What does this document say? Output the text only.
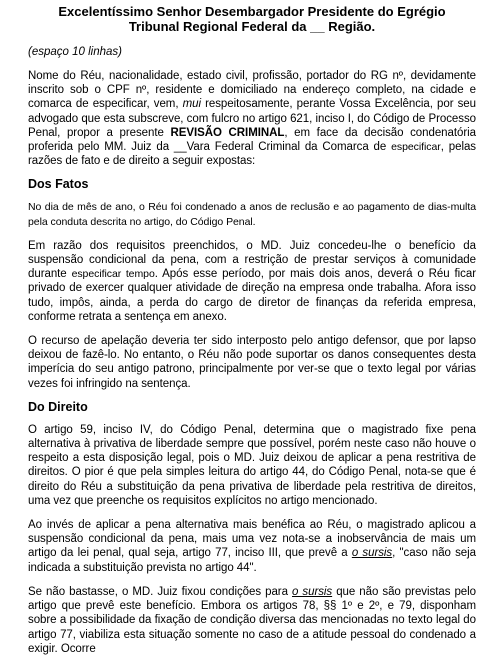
Excelentíssimo Senhor Desembargador Presidente do Egrégio Tribunal Regional Federal da __ Região.
(espaço 10 linhas)

Nome do Réu, nacionalidade, estado civil, profissão, portador do RG nº, devidamente inscrito sob o CPF nº, residente e domiciliado na endereço completo, na cidade e comarca de especificar, vem, mui respeitosamente, perante Vossa Excelência, por seu advogado que esta subscreve, com fulcro no artigo 621, inciso I, do Código de Processo Penal, propor a presente REVISÃO CRIMINAL, em face da decisão condenatória proferida pelo MM. Juiz da __Vara Federal Criminal da Comarca de especificar, pelas razões de fato e de direito a seguir expostas:

Dos Fatos

No dia de mês de ano, o Réu foi condenado a anos de reclusão e ao pagamento de dias-multa pela conduta descrita no artigo, do Código Penal.

Em razão dos requisitos preenchidos, o MD. Juiz concedeu-lhe o benefício da suspensão condicional da pena, com a restrição de prestar serviços à comunidade durante especificar tempo. Após esse período, por mais dois anos, deverá o Réu ficar privado de exercer qualquer atividade de direção na empresa onde trabalha. Afora isso tudo, impôs, ainda, a perda do cargo de diretor de finanças da referida empresa, conforme retrata a sentença em anexo.

O recurso de apelação deveria ter sido interposto pelo antigo defensor, que por lapso deixou de fazê-lo. No entanto, o Réu não pode suportar os danos consequentes desta imperícia do seu antigo patrono, principalmente por ver-se que o texto legal por várias vezes foi infringido na sentença.

Do Direito

O artigo 59, inciso IV, do Código Penal, determina que o magistrado fixe pena alternativa à privativa de liberdade sempre que possível, porém neste caso não houve o respeito a esta disposição legal, pois o MD. Juiz deixou de aplicar a pena restritiva de direitos. O pior é que pela simples leitura do artigo 44, do Código Penal, nota-se que é direito do Réu a substituição da pena privativa de liberdade pela restritiva de direitos, uma vez que preenche os requisitos explícitos no artigo mencionado.

Ao invés de aplicar a pena alternativa mais benéfica ao Réu, o magistrado aplicou a suspensão condicional da pena, mais uma vez nota-se a inobservância de mais um artigo da lei penal, qual seja, artigo 77, inciso III, que prevê a o sursis, "caso não seja indicada a substituição prevista no artigo 44".

Se não bastasse, o MD. Juiz fixou condições para o sursis que não são previstas pelo artigo que prevê este benefício. Embora os artigos 78, §§ 1º e 2º, e 79, disponham sobre a possibilidade da fixação de condição diversa das mencionadas no texto legal do artigo 77, viabiliza esta situação somente no caso de a atitude pessoal do condenado a exigir. Ocorre
